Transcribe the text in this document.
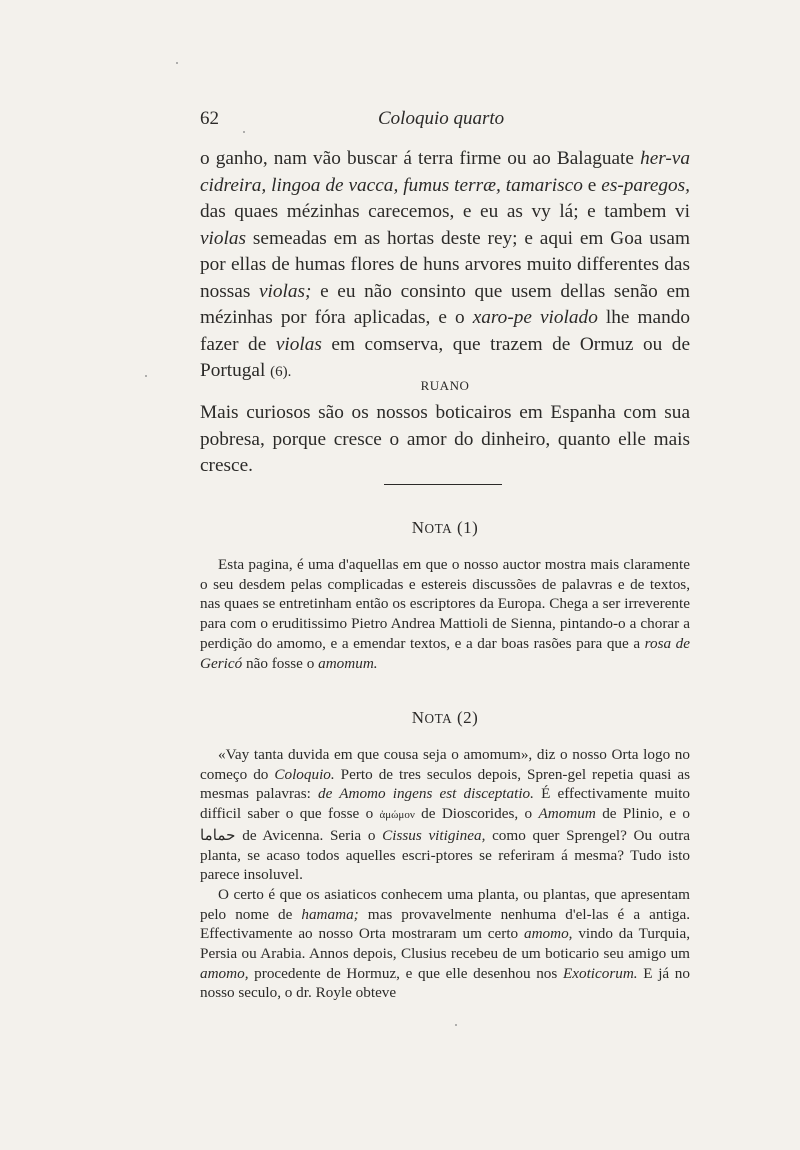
62	Coloquio quarto

o ganho, nam vão buscar á terra firme ou ao Balaguate her-va cidreira, lingoa de vacca, fumus terræ, tamarisco e es-paregos, das quaes mézinhas carecemos, e eu as vy lá; e tambem vi violas semeadas em as hortas deste rey; e aqui em Goa usam por ellas de humas flores de huns arvores muito differentes das nossas violas; e eu não consinto que usem dellas senão em mézinhas por fóra aplicadas, e o xaro-pe violado lhe mando fazer de violas em comserva, que trazem de Ormuz ou de Portugal (6).

RUANO

Mais curiosos são os nossos boticairos em Espanha com sua pobresa, porque cresce o amor do dinheiro, quanto elle mais cresce.

NOTA (1)

Esta pagina, é uma d'aquellas em que o nosso auctor mostra mais claramente o seu desdem pelas complicadas e estereis discussões de palavras e de textos, nas quaes se entretinham então os escriptores da Europa. Chega a ser irreverente para com o eruditissimo Pietro Andrea Mattioli de Sienna, pintando-o a chorar a perdição do amomo, e a emendar textos, e a dar boas rasões para que a rosa de Gericó não fosse o amomum.

NOTA (2)

«Vay tanta duvida em que cousa seja o amomum», diz o nosso Orta logo no começo do Coloquio. Perto de tres seculos depois, Spren-gel repetia quasi as mesmas palavras: de Amomo ingens est disceptatio. É effectivamente muito difficil saber o que fosse o ἀμώμον de Dioscorides, o Amomum de Plinio, e o حماما de Avicenna. Seria o Cissus vitiginea, como quer Sprengel? Ou outra planta, se acaso todos aquelles escri-ptores se referiram á mesma? Tudo isto parece insoluvel.

O certo é que os asiaticos conhecem uma planta, ou plantas, que apresentam pelo nome de hamama; mas provavelmente nenhuma d'el-las é a antiga. Effectivamente ao nosso Orta mostraram um certo amomo, vindo da Turquia, Persia ou Arabia. Annos depois, Clusius recebeu de um boticario seu amigo um amomo, procedente de Hormuz, e que elle desenhou nos Exoticorum. E já no nosso seculo, o dr. Royle obteve
